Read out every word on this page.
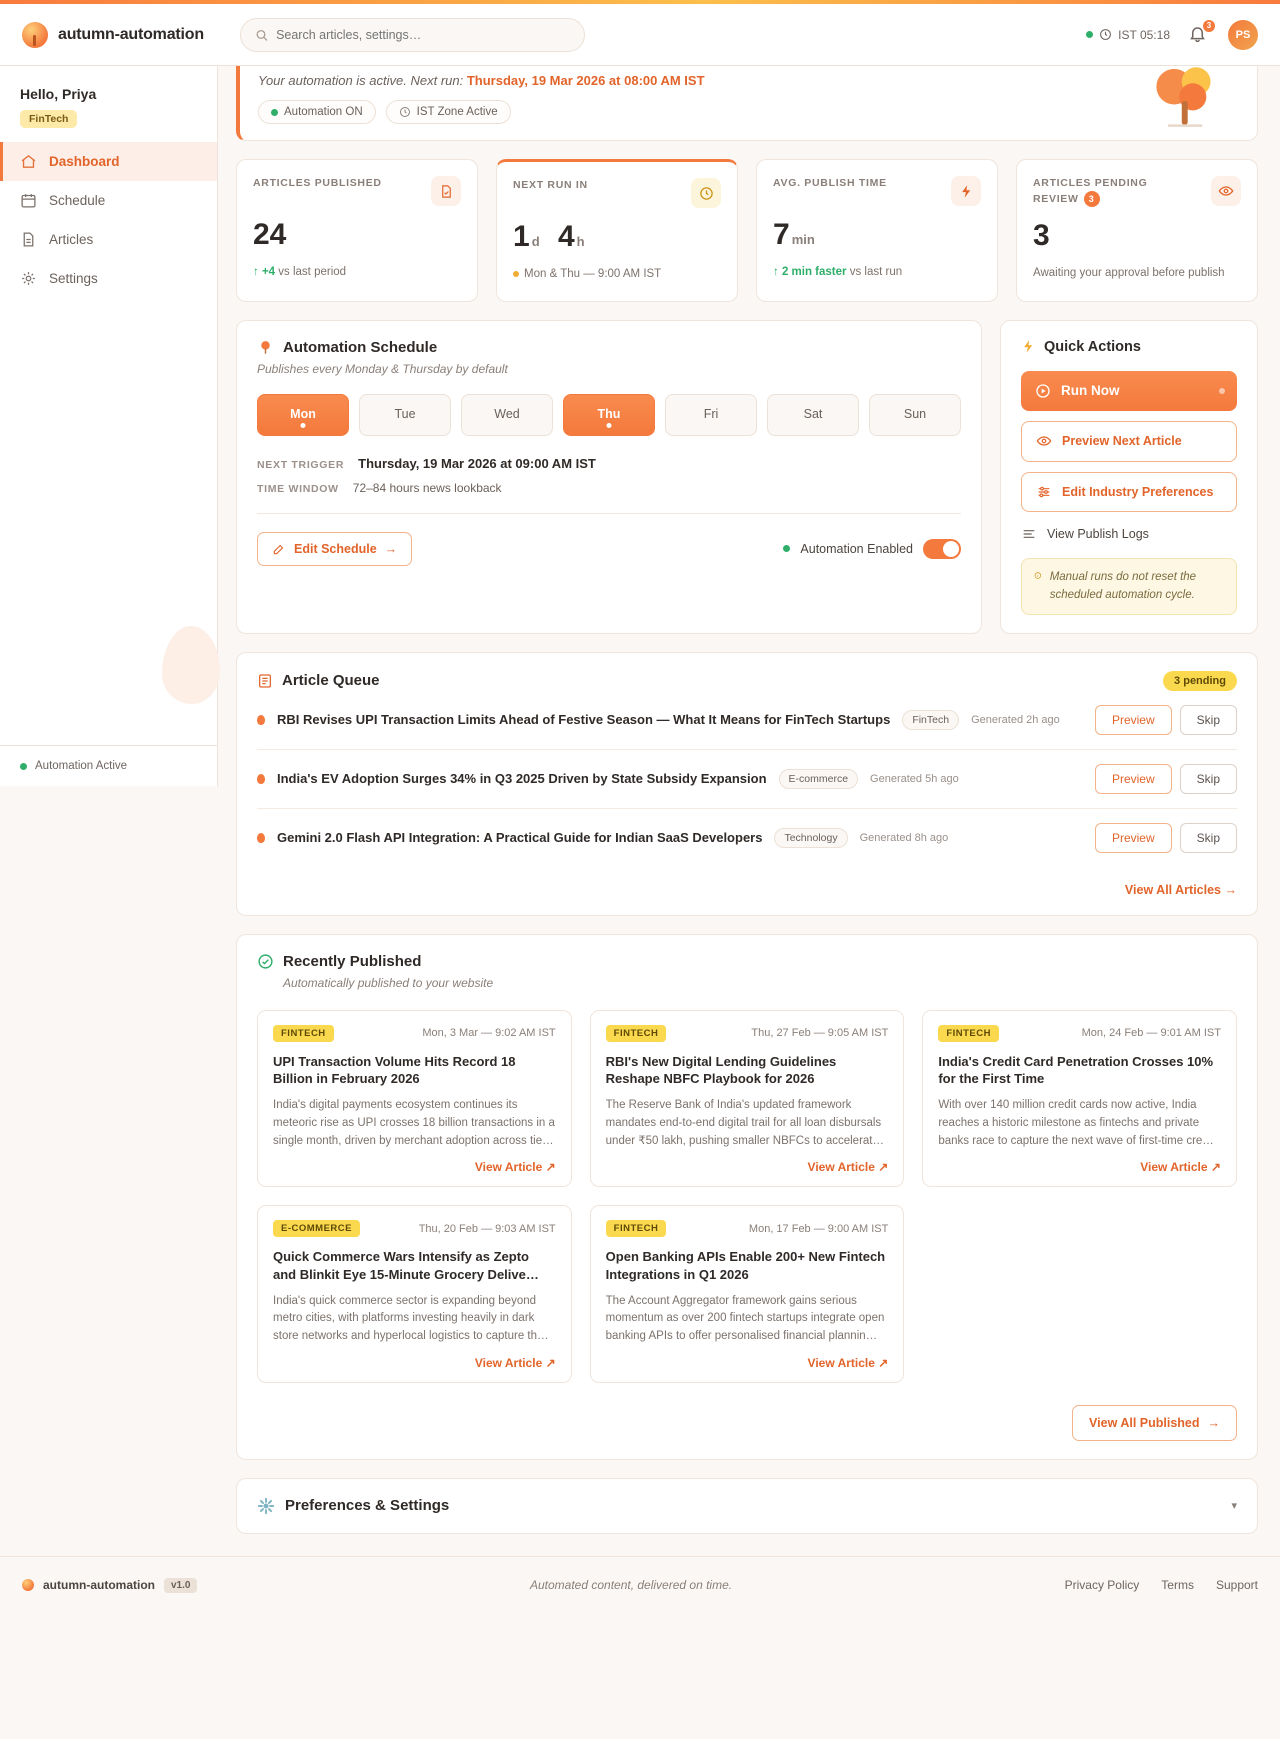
autumn-automation
Search articles, settings…	IST 05:18
3
PS
Hello, Priya
FinTech
Dashboard
Schedule
Articles
Settings
Automation Active
Your automation is active. Next run: Thursday, 19 Mar 2026 at 08:00 AM IST
Automation ON	IST Zone Active
ARTICLES PUBLISHED
24
↑ +4 vs last period
NEXT RUN IN
1 d 4 h
Mon & Thu — 9:00 AM IST
AVG. PUBLISH TIME
7 min
↑ 2 min faster vs last run
ARTICLES PENDING REVIEW 3
3
Awaiting your approval before publish
Automation Schedule
Publishes every Monday & Thursday by default
Mon	Tue	Wed	Thu	Fri	Sat	Sun
NEXT TRIGGER Thursday, 19 Mar 2026 at 09:00 AM IST
TIME WINDOW 72–84 hours news lookback
Edit Schedule →	Automation Enabled
Quick Actions
Run Now
Preview Next Article
Edit Industry Preferences
View Publish Logs
Manual runs do not reset the scheduled automation cycle.
Article Queue	3 pending
RBI Revises UPI Transaction Limits Ahead of Festive Season — What It Means for FinTech Startups	FinTech	Generated 2h ago	Preview	Skip
India's EV Adoption Surges 34% in Q3 2025 Driven by State Subsidy Expansion	E-commerce	Generated 5h ago	Preview	Skip
Gemini 2.0 Flash API Integration: A Practical Guide for Indian SaaS Developers	Technology	Generated 8h ago	Preview	Skip
View All Articles →
Recently Published
Automatically published to your website
FINTECH	Mon, 3 Mar — 9:02 AM IST
UPI Transaction Volume Hits Record 18 Billion in February 2026
India's digital payments ecosystem continues its meteoric rise as UPI crosses 18 billion transactions in a single month, driven by merchant adoption across tie…
View Article ↗
FINTECH	Thu, 27 Feb — 9:05 AM IST
RBI's New Digital Lending Guidelines Reshape NBFC Playbook for 2026
The Reserve Bank of India's updated framework mandates end-to-end digital trail for all loan disbursals under ₹50 lakh, pushing smaller NBFCs to accelerat…
View Article ↗
FINTECH	Mon, 24 Feb — 9:01 AM IST
India's Credit Card Penetration Crosses 10% for the First Time
With over 140 million credit cards now active, India reaches a historic milestone as fintechs and private banks race to capture the next wave of first-time cre…
View Article ↗
E-COMMERCE	Thu, 20 Feb — 9:03 AM IST
Quick Commerce Wars Intensify as Zepto and Blinkit Eye 15-Minute Grocery Delive…
India's quick commerce sector is expanding beyond metro cities, with platforms investing heavily in dark store networks and hyperlocal logistics to capture th…
View Article ↗
FINTECH	Mon, 17 Feb — 9:00 AM IST
Open Banking APIs Enable 200+ New Fintech Integrations in Q1 2026
The Account Aggregator framework gains serious momentum as over 200 fintech startups integrate open banking APIs to offer personalised financial plannin…
View Article ↗
View All Published →
Preferences & Settings	▾
autumn-automation	v1.0	Automated content, delivered on time.	Privacy Policy Terms Support
